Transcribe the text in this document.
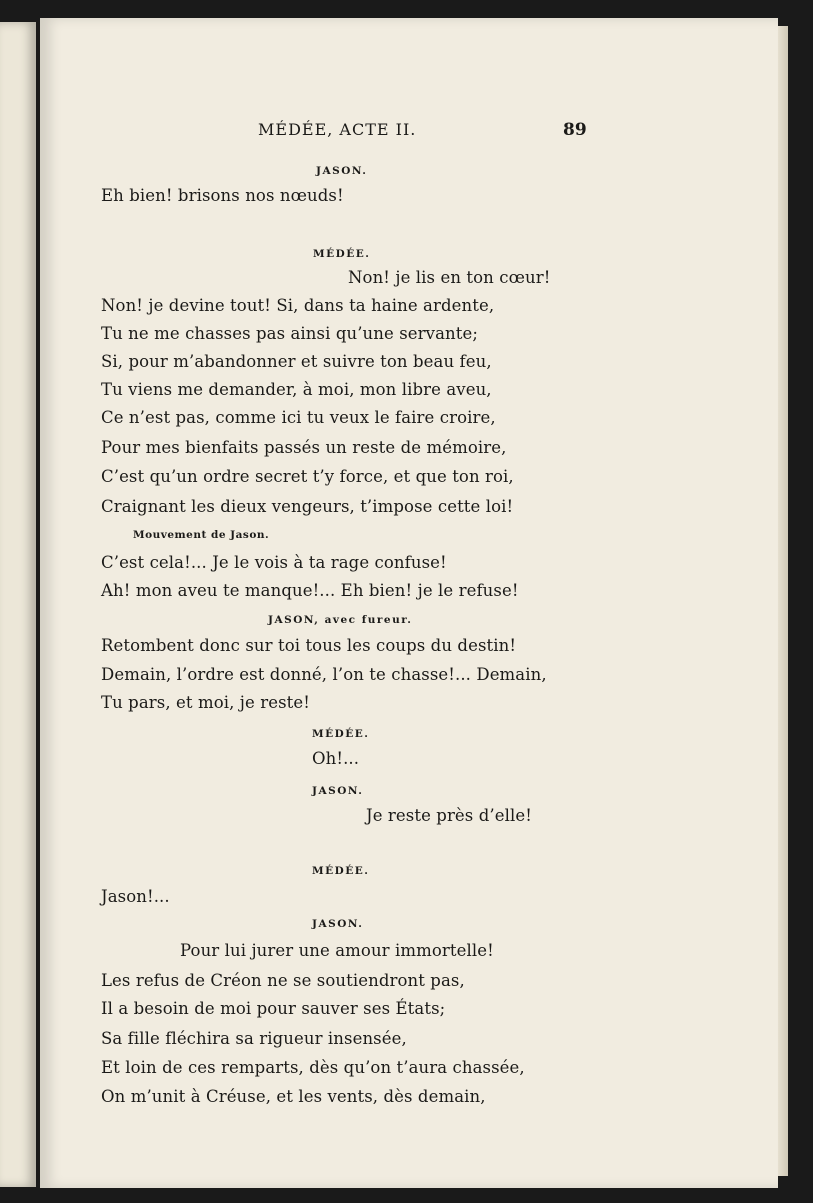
MÉDÉE, ACTE II.	89
JASON.
Eh bien! brisons nos nœuds!
MÉDÉE.
Non! je lis en ton cœur!
Non! je devine tout! Si, dans ta haine ardente,
Tu ne me chasses pas ainsi qu’une servante;
Si, pour m’abandonner et suivre ton beau feu,
Tu viens me demander, à moi, mon libre aveu,
Ce n’est pas, comme ici tu veux le faire croire,
Pour mes bienfaits passés un reste de mémoire,
C’est qu’un ordre secret t’y force, et que ton roi,
Craignant les dieux vengeurs, t’impose cette loi!
Mouvement de Jason.
C’est cela!... Je le vois à ta rage confuse!
Ah! mon aveu te manque!... Eh bien! je le refuse!
JASON, avec fureur.
Retombent donc sur toi tous les coups du destin!
Demain, l’ordre est donné, l’on te chasse!... Demain,
Tu pars, et moi, je reste!
MÉDÉE.
Oh!...
JASON.
Je reste près d’elle!
MÉDÉE.
Jason!...
JASON.
Pour lui jurer une amour immortelle!
Les refus de Créon ne se soutiendront pas,
Il a besoin de moi pour sauver ses États;
Sa fille fléchira sa rigueur insensée,
Et loin de ces remparts, dès qu’on t’aura chassée,
On m’unit à Créuse, et les vents, dès demain,
